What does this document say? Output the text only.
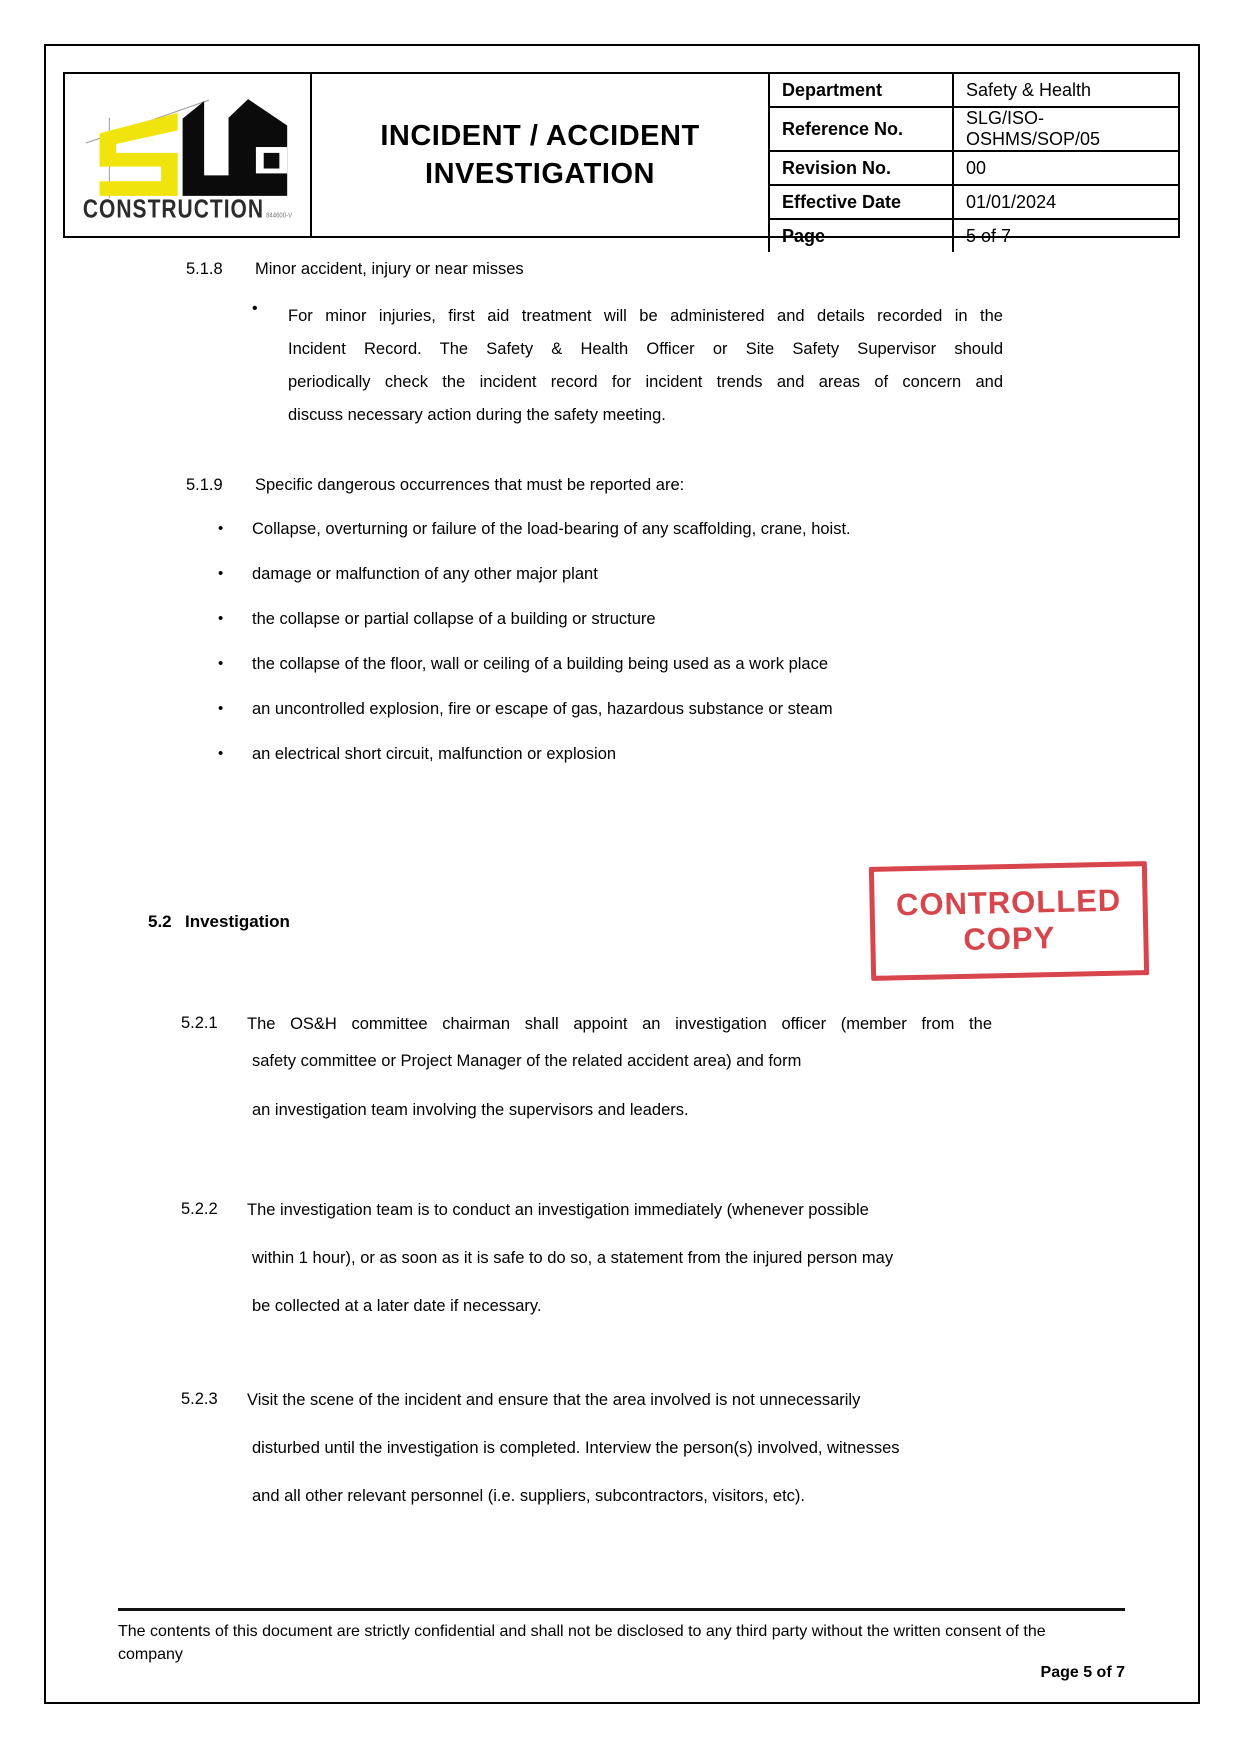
CONSTRUCTION 844600-V
INCIDENT / ACCIDENT
INVESTIGATION
Department	Safety & Health
Reference No.	SLG/ISO-OSHMS/SOP/05
Revision No.	00
Effective Date	01/01/2024
Page	5 of 7
5.1.8	Minor accident, injury or near misses
• For minor injuries, first aid treatment will be administered and details recorded in the
Incident Record. The Safety & Health Officer or Site Safety Supervisor should
periodically check the incident record for incident trends and areas of concern and
discuss necessary action during the safety meeting.
5.1.9	Specific dangerous occurrences that must be reported are:
• Collapse, overturning or failure of the load-bearing of any scaffolding, crane, hoist.
• damage or malfunction of any other major plant
• the collapse or partial collapse of a building or structure
• the collapse of the floor, wall or ceiling of a building being used as a work place
• an uncontrolled explosion, fire or escape of gas, hazardous substance or steam
• an electrical short circuit, malfunction or explosion
CONTROLLED
COPY
5.2 Investigation
5.2.1	The OS&H committee chairman shall appoint an investigation officer (member from the
safety committee or Project Manager of the related accident area) and form
an investigation team involving the supervisors and leaders.
5.2.2	The investigation team is to conduct an investigation immediately (whenever possible
within 1 hour), or as soon as it is safe to do so, a statement from the injured person may
be collected at a later date if necessary.
5.2.3	Visit the scene of the incident and ensure that the area involved is not unnecessarily
disturbed until the investigation is completed. Interview the person(s) involved, witnesses
and all other relevant personnel (i.e. suppliers, subcontractors, visitors, etc).
The contents of this document are strictly confidential and shall not be disclosed to any third party without the written consent of the
company
Page 5 of 7
